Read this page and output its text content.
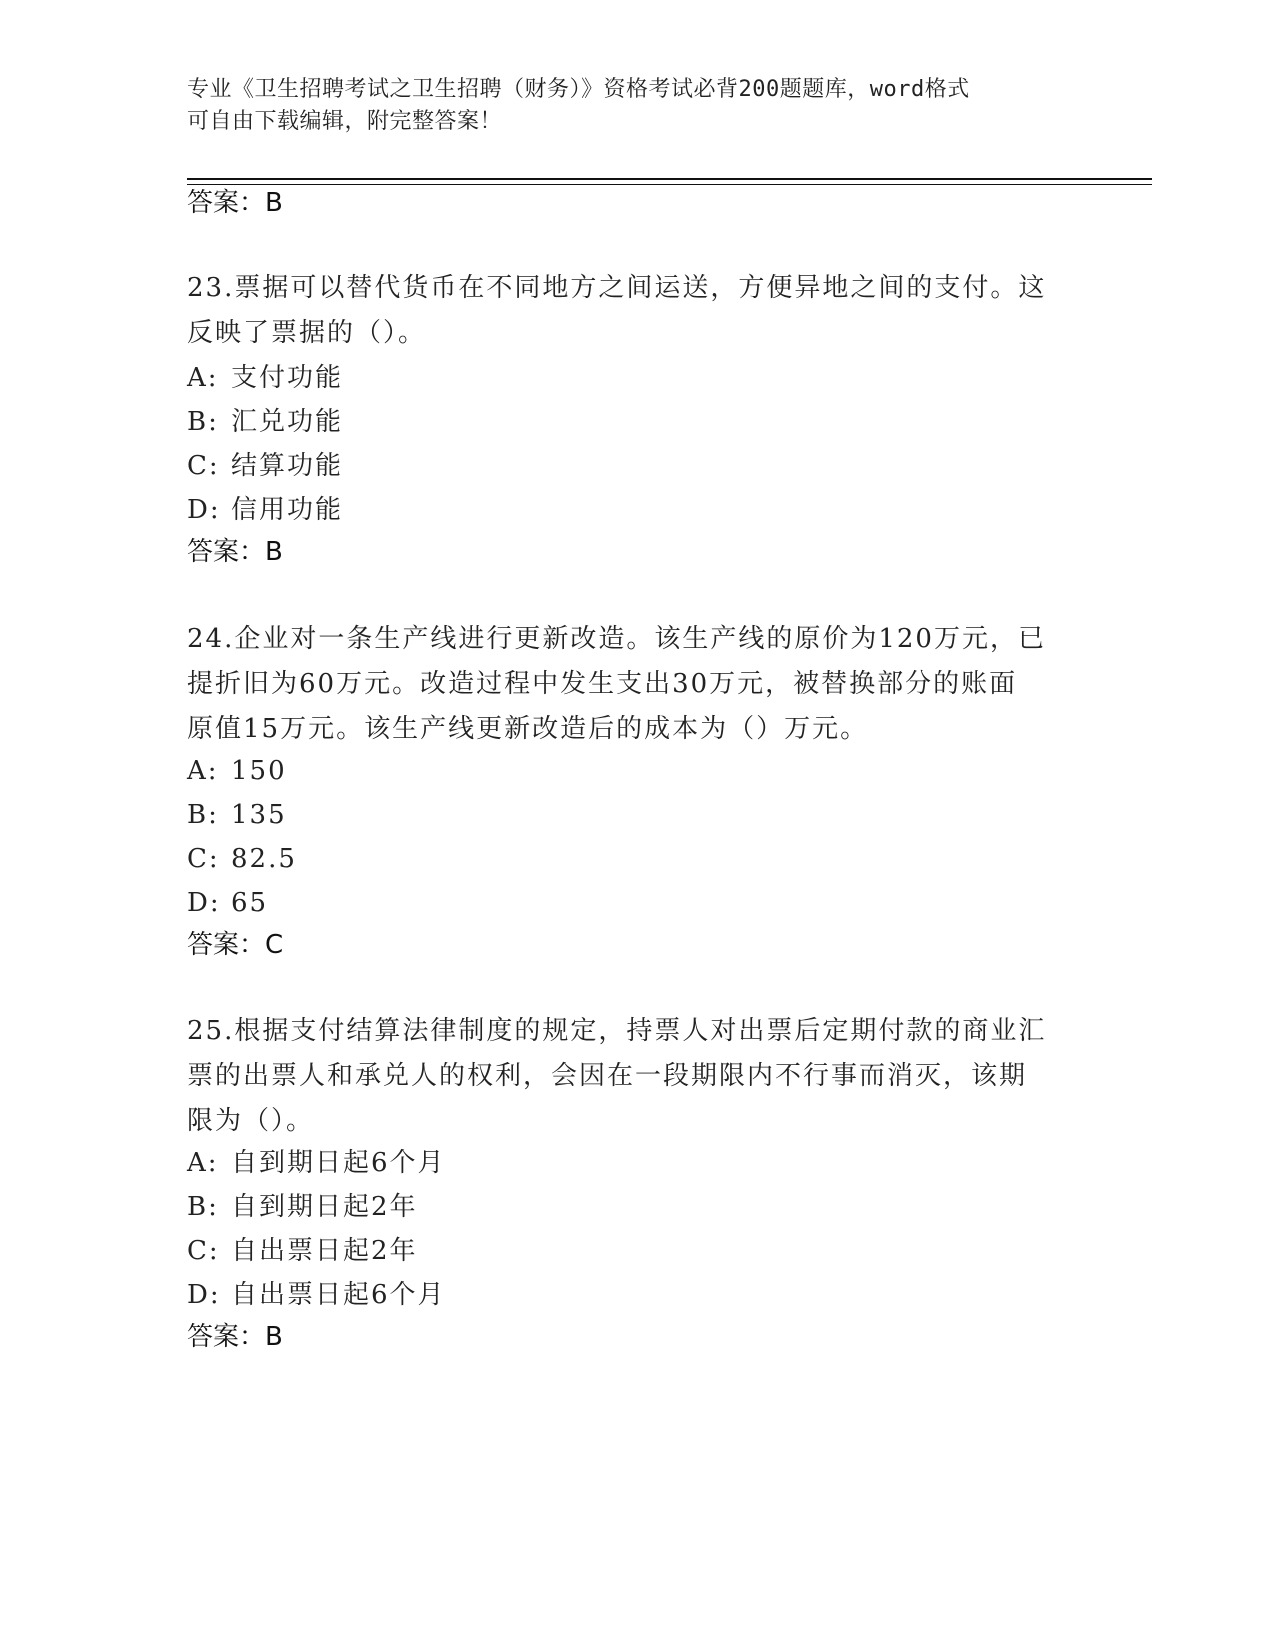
专业《卫生招聘考试之卫生招聘（财务）》资格考试必背200题题库，word格式
可自由下载编辑，附完整答案！
答案：B
23.票据可以替代货币在不同地方之间运送，方便异地之间的支付。这
反映了票据的（）。
A: 支付功能
B: 汇兑功能
C: 结算功能
D: 信用功能
答案：B
24.企业对一条生产线进行更新改造。该生产线的原价为120万元，已
提折旧为60万元。改造过程中发生支出30万元，被替换部分的账面
原值15万元。该生产线更新改造后的成本为（）万元。
A: 150
B: 135
C: 82.5
D: 65
答案：C
25.根据支付结算法律制度的规定，持票人对出票后定期付款的商业汇
票的出票人和承兑人的权利，会因在一段期限内不行事而消灭，该期
限为（）。
A: 自到期日起6个月
B: 自到期日起2年
C: 自出票日起2年
D: 自出票日起6个月
答案：B
